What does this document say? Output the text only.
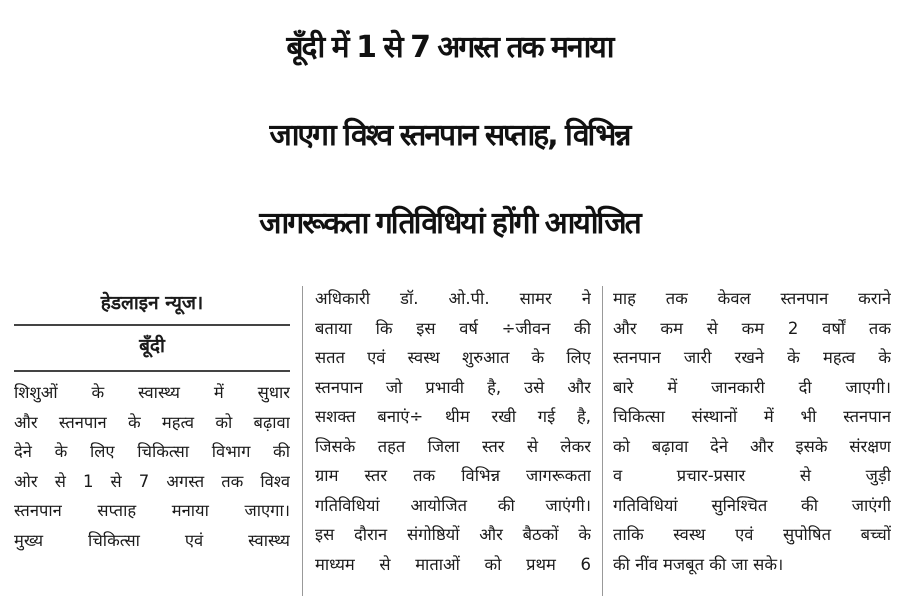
बूँदी में 1 से 7 अगस्त तक मनाया
जाएगा विश्व स्तनपान सप्ताह, विभिन्न
जागरूकता गतिविधियां होंगी आयोजित
हेडलाइन न्यूज।
बूँदी
शिशुओं के स्वास्थ्य में सुधार
और स्तनपान के महत्व को बढ़ावा
देने के लिए चिकित्सा विभाग की
ओर से 1 से 7 अगस्त तक विश्व
स्तनपान सप्ताह मनाया जाएगा।
मुख्य चिकित्सा एवं स्वास्थ्य
अधिकारी डॉ. ओ.पी. सामर ने
बताया कि इस वर्ष ÷जीवन की
सतत एवं स्वस्थ शुरुआत के लिए
स्तनपान जो प्रभावी है, उसे और
सशक्त बनाएं÷ थीम रखी गई है,
जिसके तहत जिला स्तर से लेकर
ग्राम स्तर तक विभिन्न जागरूकता
गतिविधियां आयोजित की जाएंगी।
इस दौरान संगोष्ठियों और बैठकों के
माध्यम से माताओं को प्रथम 6
माह तक केवल स्तनपान कराने
और कम से कम 2 वर्षों तक
स्तनपान जारी रखने के महत्व के
बारे में जानकारी दी जाएगी।
चिकित्सा संस्थानों में भी स्तनपान
को बढ़ावा देने और इसके संरक्षण
व प्रचार-प्रसार से जुड़ी
गतिविधियां सुनिश्चित की जाएंगी
ताकि स्वस्थ एवं सुपोषित बच्चों
की नींव मजबूत की जा सके।
